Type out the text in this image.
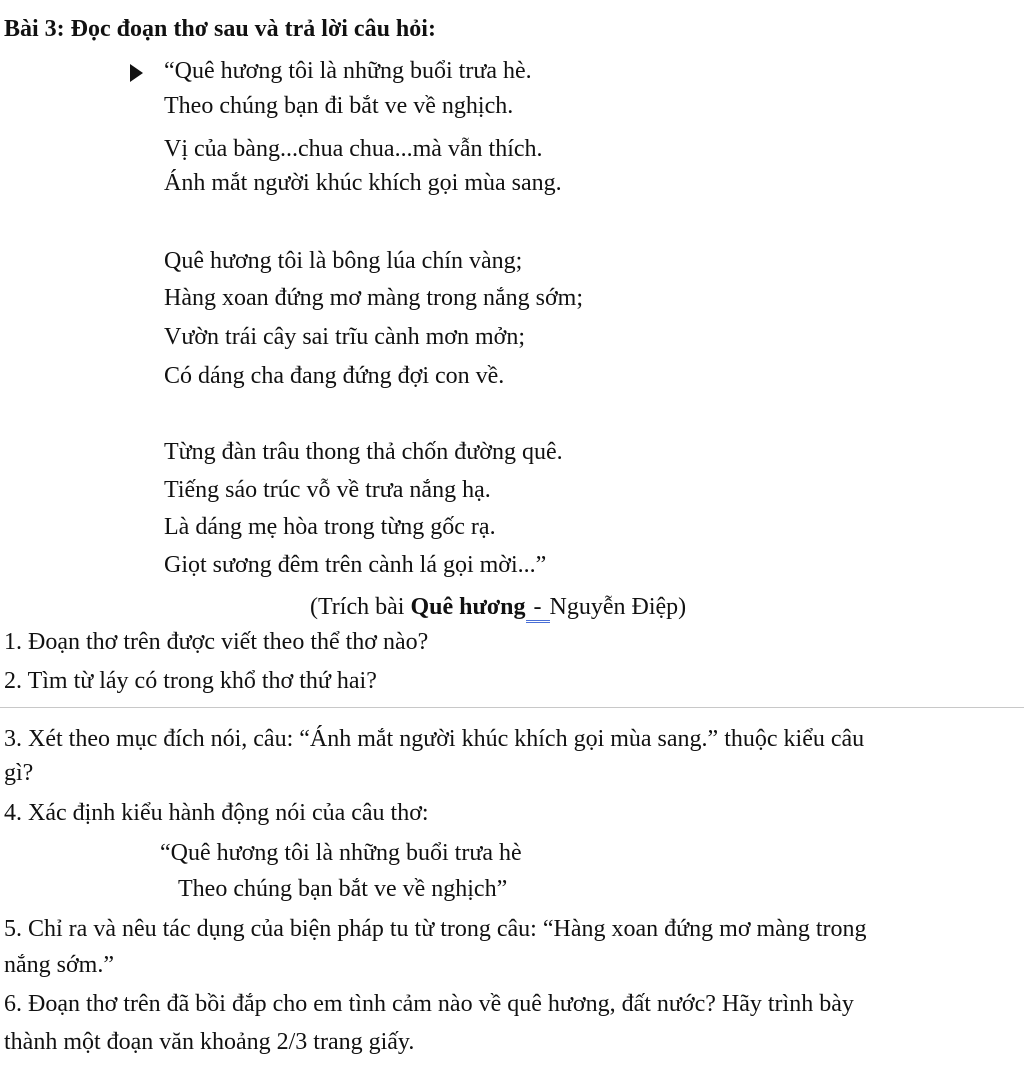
Bài 3: Đọc đoạn thơ sau và trả lời câu hỏi:
“Quê hương tôi là những buổi trưa hè.
Theo chúng bạn đi bắt ve về nghịch.
Vị của bàng...chua chua...mà vẫn thích.
Ánh mắt người khúc khích gọi mùa sang.
Quê hương tôi là bông lúa chín vàng;
Hàng xoan đứng mơ màng trong nắng sớm;
Vườn trái cây sai trĩu cành mơn mởn;
Có dáng cha đang đứng đợi con về.
Từng đàn trâu thong thả chốn đường quê.
Tiếng sáo trúc vỗ về trưa nắng hạ.
Là dáng mẹ hòa trong từng gốc rạ.
Giọt sương đêm trên cành lá gọi mời...”
(Trích bài Quê hương - Nguyễn Điệp)
1. Đoạn thơ trên được viết theo thể thơ nào?
2. Tìm từ láy có trong khổ thơ thứ hai?
3. Xét theo mục đích nói, câu: “Ánh mắt người khúc khích gọi mùa sang.” thuộc kiểu câu
gì?
4. Xác định kiểu hành động nói của câu thơ:
“Quê hương tôi là những buổi trưa hè
Theo chúng bạn bắt ve về nghịch”
5. Chỉ ra và nêu tác dụng của biện pháp tu từ trong câu: “Hàng xoan đứng mơ màng trong
nắng sớm.”
6. Đoạn thơ trên đã bồi đắp cho em tình cảm nào về quê hương, đất nước? Hãy trình bày
thành một đoạn văn khoảng 2/3 trang giấy.
